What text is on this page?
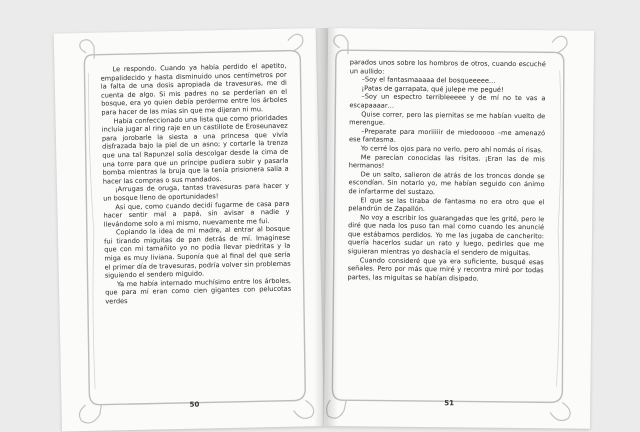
Le respondo. Cuando ya había perdido el apetito, empalidecido y hasta disminuido unos centímetros por la falta de una dosis apropiada de travesuras, me di cuenta de algo. Si mis padres no se perderían en el bosque, era yo quien debía perderme entre los árboles para hacer de las mías sin que me dijeran ni mu.

Había confeccionado una lista que como prioridades incluía jugar al ring raje en un castillote de Eroseunavez para jorobarle la siesta a una princesa que vivía disfrazada bajo la piel de un asno; y cortarle la trenza que una tal Rapunzel solía descolgar desde la cima de una torre para que un príncipe pudiera subir y pasarla bomba mientras la bruja que la tenía prisionera salía a hacer las compras o sus mandados.

¡Arrugas de oruga, tantas travesuras para hacer y un bosque lleno de oportunidades!

Así que, como cuando decidí fugarme de casa para hacer sentir mal a papá, sin avisar a nadie y llevándome solo a mí mismo, nuevamente me fui.

Copiando la idea de mi madre, al entrar al bosque fui tirando miguitas de pan detrás de mí. Imagínese que con mi tamañito yo no podía llevar piedritas y la miga es muy liviana. Suponía que al final del que sería el primer día de travesuras, podría volver sin problemas siguiendo el sendero miguido.

Ya me había internado muchísimo entre los árboles, que para mí eran como cien gigantes con pelucotas verdes

50

parados unos sobre los hombros de otros, cuando escuché un aullido:

–Soy el fantasmaaaaa del bosqueeeee…

¡Patas de garrapata, qué julepe me pegué!

–Soy un espectro terribleeeee y de mí no te vas a escapaaaar…

Quise correr, pero las piernitas se me habían vuelto de merengue.

–Preparate para moriiiiir de miedooooo –me amenazó ese fantasma.

Yo cerré los ojos para no verlo, pero ahí nomás oí risas.

Me parecían conocidas las risitas. ¡Eran las de mis hermanos!

De un salto, salieron de atrás de los troncos donde se escondían. Sin notarlo yo, me habían seguido con ánimo de infartarme del sustazo.

El que se las tiraba de fantasma no era otro que el pelandrún de Zapallón.

No voy a escribir los guarangadas que les grité, pero le diré que nada los puso tan mal como cuando les anuncié que estábamos perdidos. Yo me las jugaba de cancherito: quería hacerlos sudar un rato y luego, pedirles que me siguieran mientras yo deshacía el sendero de miguitas.

Cuando consideré que ya era suficiente, busqué esas señales. Pero por más que miré y recontra miré por todas partes, las miguitas se habían disipado.

51
